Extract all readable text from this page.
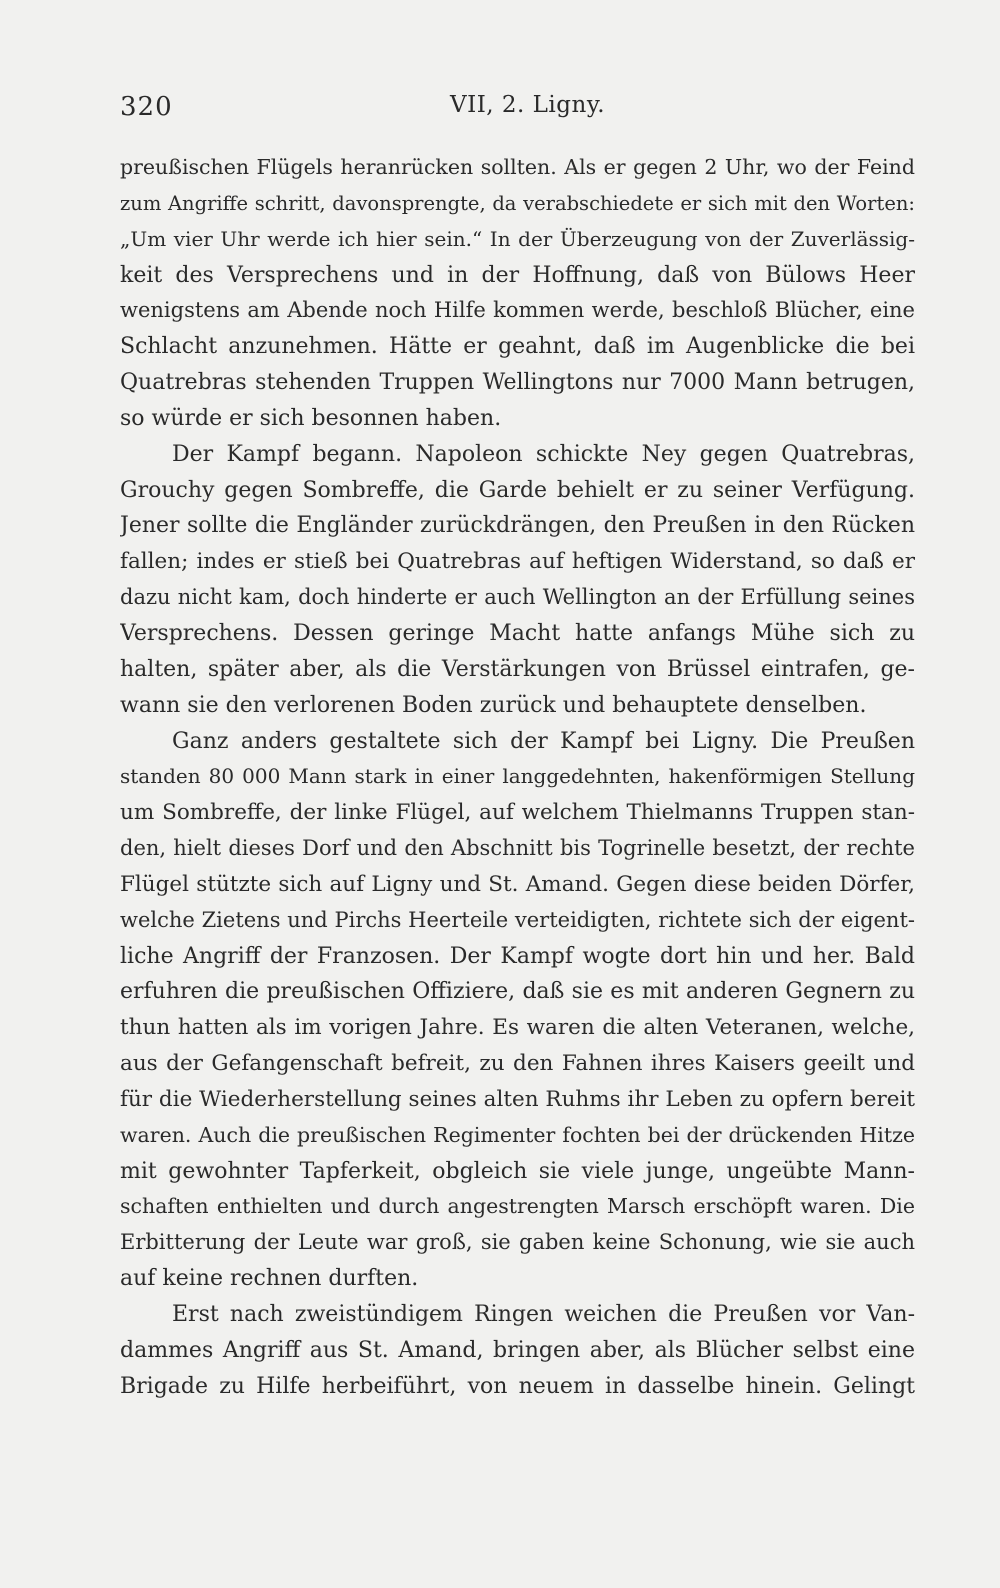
320	VII, 2. Ligny.
preußischen Flügels heranrücken sollten. Als er gegen 2 Uhr, wo der Feind
zum Angriffe schritt, davonsprengte, da verabschiedete er sich mit den Worten:
„Um vier Uhr werde ich hier sein.“ In der Überzeugung von der Zuverlässig-
keit des Versprechens und in der Hoffnung, daß von Bülows Heer
wenigstens am Abende noch Hilfe kommen werde, beschloß Blücher, eine
Schlacht anzunehmen. Hätte er geahnt, daß im Augenblicke die bei
Quatrebras stehenden Truppen Wellingtons nur 7000 Mann betrugen,
so würde er sich besonnen haben.
Der Kampf begann. Napoleon schickte Ney gegen Quatrebras,
Grouchy gegen Sombreffe, die Garde behielt er zu seiner Verfügung.
Jener sollte die Engländer zurückdrängen, den Preußen in den Rücken
fallen; indes er stieß bei Quatrebras auf heftigen Widerstand, so daß er
dazu nicht kam, doch hinderte er auch Wellington an der Erfüllung seines
Versprechens. Dessen geringe Macht hatte anfangs Mühe sich zu
halten, später aber, als die Verstärkungen von Brüssel eintrafen, ge-
wann sie den verlorenen Boden zurück und behauptete denselben.
Ganz anders gestaltete sich der Kampf bei Ligny. Die Preußen
standen 80 000 Mann stark in einer langgedehnten, hakenförmigen Stellung
um Sombreffe, der linke Flügel, auf welchem Thielmanns Truppen stan-
den, hielt dieses Dorf und den Abschnitt bis Togrinelle besetzt, der rechte
Flügel stützte sich auf Ligny und St. Amand. Gegen diese beiden Dörfer,
welche Zietens und Pirchs Heerteile verteidigten, richtete sich der eigent-
liche Angriff der Franzosen. Der Kampf wogte dort hin und her. Bald
erfuhren die preußischen Offiziere, daß sie es mit anderen Gegnern zu
thun hatten als im vorigen Jahre. Es waren die alten Veteranen, welche,
aus der Gefangenschaft befreit, zu den Fahnen ihres Kaisers geeilt und
für die Wiederherstellung seines alten Ruhms ihr Leben zu opfern bereit
waren. Auch die preußischen Regimenter fochten bei der drückenden Hitze
mit gewohnter Tapferkeit, obgleich sie viele junge, ungeübte Mann-
schaften enthielten und durch angestrengten Marsch erschöpft waren. Die
Erbitterung der Leute war groß, sie gaben keine Schonung, wie sie auch
auf keine rechnen durften.
Erst nach zweistündigem Ringen weichen die Preußen vor Van-
dammes Angriff aus St. Amand, bringen aber, als Blücher selbst eine
Brigade zu Hilfe herbeiführt, von neuem in dasselbe hinein. Gelingt
